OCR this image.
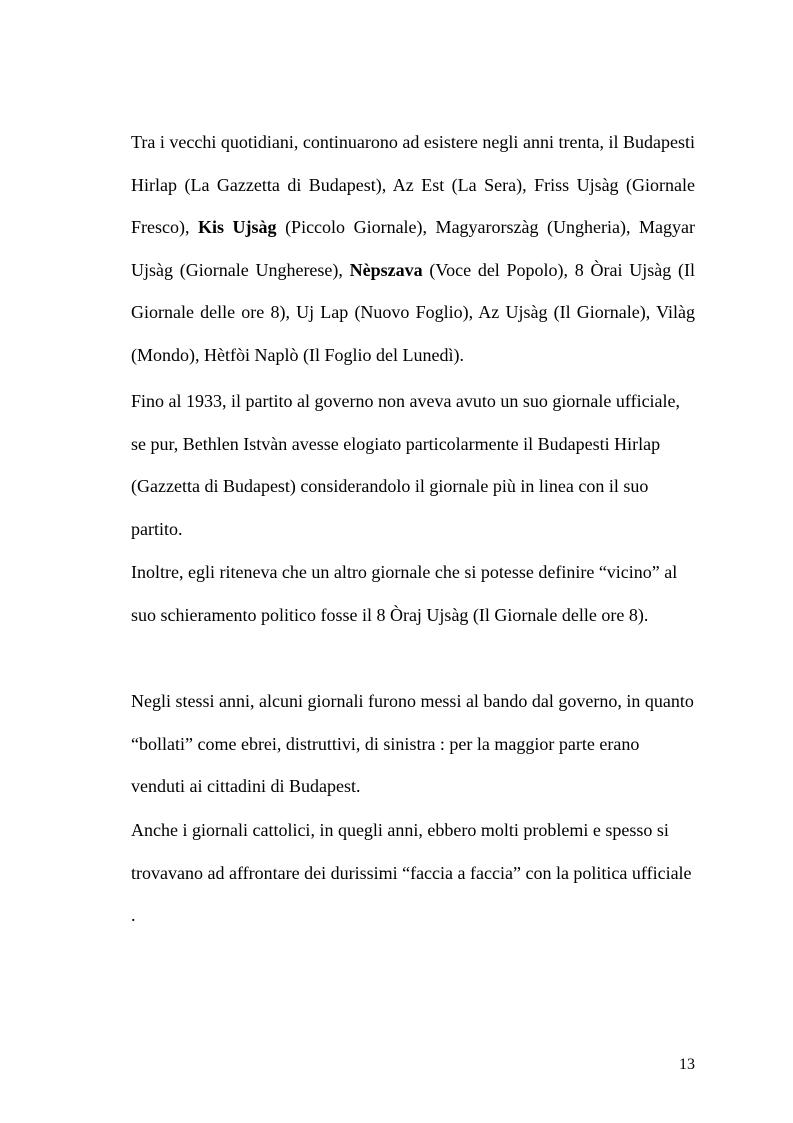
Tra i vecchi quotidiani, continuarono ad esistere negli anni trenta, il Budapesti Hirlap (La Gazzetta di Budapest), Az Est (La Sera), Friss Ujsàg (Giornale Fresco), Kis Ujsàg (Piccolo Giornale), Magyarorszàg (Ungheria), Magyar Ujsàg (Giornale Ungherese), Nèpszava (Voce del Popolo), 8 Òrai Ujsàg (Il Giornale delle ore 8), Uj Lap (Nuovo Foglio), Az Ujsàg (Il Giornale), Vilàg (Mondo), Hètfòi Naplò (Il Foglio del Lunedì).

Fino al 1933, il partito al governo non aveva avuto un suo giornale ufficiale, se pur, Bethlen Istvàn avesse elogiato particolarmente il Budapesti Hirlap (Gazzetta di Budapest) considerandolo il giornale più in linea con il suo partito.

Inoltre, egli riteneva che un altro giornale che si potesse definire “vicino” al suo schieramento politico fosse il 8 Òraj Ujsàg (Il Giornale delle ore 8).

Negli stessi anni, alcuni giornali furono messi al bando dal governo, in quanto “bollati” come ebrei, distruttivi, di sinistra : per la maggior parte erano venduti ai cittadini di Budapest.

Anche i giornali cattolici, in quegli anni, ebbero molti problemi e spesso si trovavano ad affrontare dei durissimi “faccia a faccia” con la politica ufficiale .

13
